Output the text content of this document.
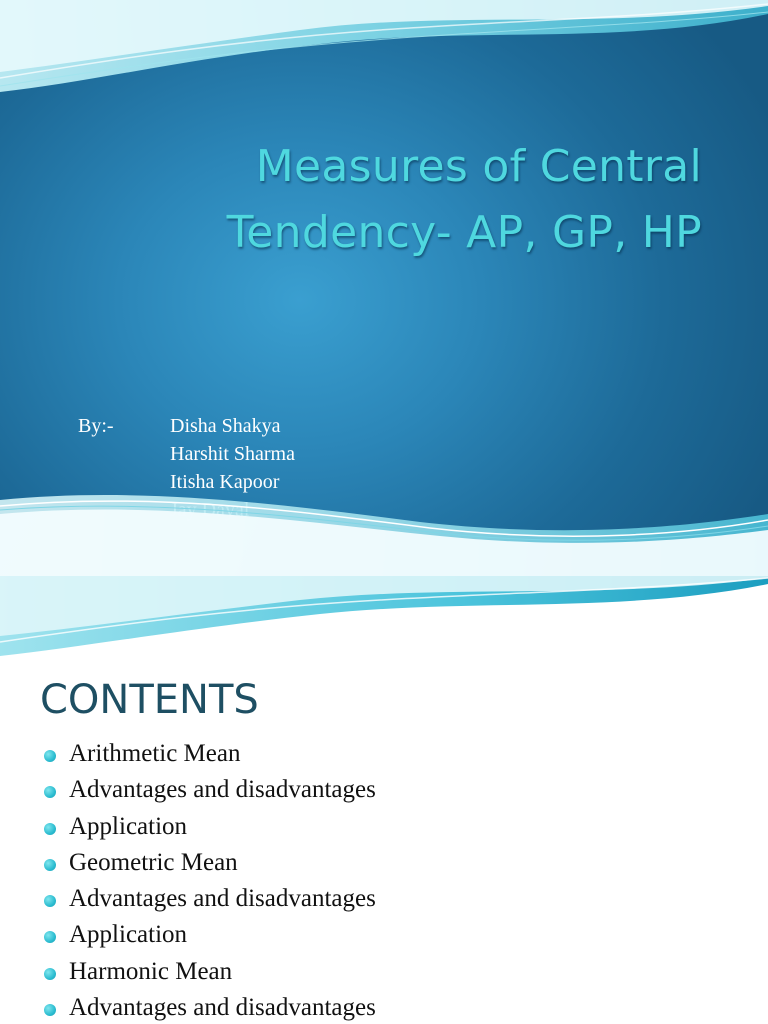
Measures of Central
Tendency- AP, GP, HP
By:-	Disha Shakya
Harshit Sharma
Itisha Kapoor
CONTENTS
Arithmetic Mean
Advantages and disadvantages
Application
Geometric Mean
Advantages and disadvantages
Application
Harmonic Mean
Advantages and disadvantages
